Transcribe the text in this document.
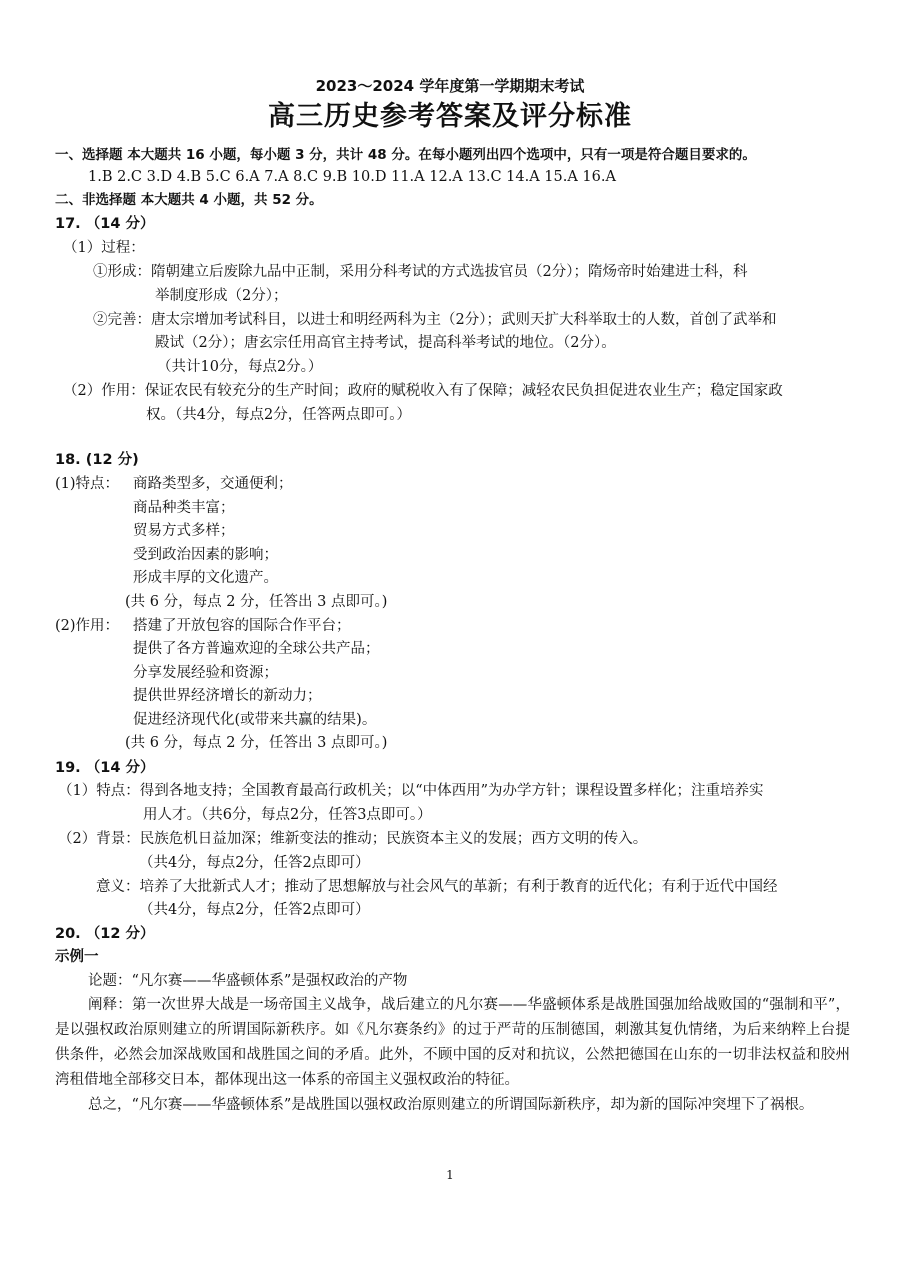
2023～2024 学年度第一学期期末考试
高三历史参考答案及评分标准
一、选择题 本大题共 16 小题，每小题 3 分，共计 48 分。在每小题列出四个选项中，只有一项是符合题目要求的。
1.B 2.C 3.D 4.B 5.C 6.A 7.A 8.C 9.B 10.D 11.A 12.A 13.C 14.A 15.A 16.A
二、非选择题 本大题共 4 小题，共 52 分。
17. （14 分）
（1）过程：
①形成：隋朝建立后废除九品中正制，采用分科考试的方式选拔官员（2分）；隋炀帝时始建进士科，科
举制度形成（2分）；
②完善：唐太宗增加考试科目，以进士和明经两科为主（2分）；武则天扩大科举取士的人数，首创了武举和
殿试（2分）；唐玄宗任用高官主持考试，提高科举考试的地位。（2分）。
（共计10分，每点2分。）
（2）作用：保证农民有较充分的生产时间；政府的赋税收入有了保障；减轻农民负担促进农业生产；稳定国家政
权。（共4分，每点2分，任答两点即可。）
18. (12 分)
(1)特点： 商路类型多，交通便利；
商品种类丰富；
贸易方式多样；
受到政治因素的影响；
形成丰厚的文化遗产。
(共 6 分，每点 2 分，任答出 3 点即可。)
(2)作用： 搭建了开放包容的国际合作平台；
提供了各方普遍欢迎的全球公共产品；
分享发展经验和资源；
提供世界经济增长的新动力；
促进经济现代化(或带来共赢的结果)。
(共 6 分，每点 2 分，任答出 3 点即可。)
19. （14 分）
（1）特点：得到各地支持；全国教育最高行政机关；以“中体西用”为办学方针；课程设置多样化；注重培养实
用人才。（共6分，每点2分，任答3点即可。）
（2）背景：民族危机日益加深；维新变法的推动；民族资本主义的发展；西方文明的传入。
（共4分，每点2分，任答2点即可）
意义：培养了大批新式人才；推动了思想解放与社会风气的革新；有利于教育的近代化；有利于近代中国经
（共4分，每点2分，任答2点即可）
20. （12 分）
示例一
论题：“凡尔赛——华盛顿体系”是强权政治的产物
阐释：第一次世界大战是一场帝国主义战争，战后建立的凡尔赛——华盛顿体系是战胜国强加给战败国的“强制和平”，是以强权政治原则建立的所谓国际新秩序。如《凡尔赛条约》的过于严苛的压制德国，刺激其复仇情绪，为后来纳粹上台提供条件，必然会加深战败国和战胜国之间的矛盾。此外，不顾中国的反对和抗议，公然把德国在山东的一切非法权益和胶州湾租借地全部移交日本，都体现出这一体系的帝国主义强权政治的特征。
总之，“凡尔赛——华盛顿体系”是战胜国以强权政治原则建立的所谓国际新秩序，却为新的国际冲突埋下了祸根。
1
